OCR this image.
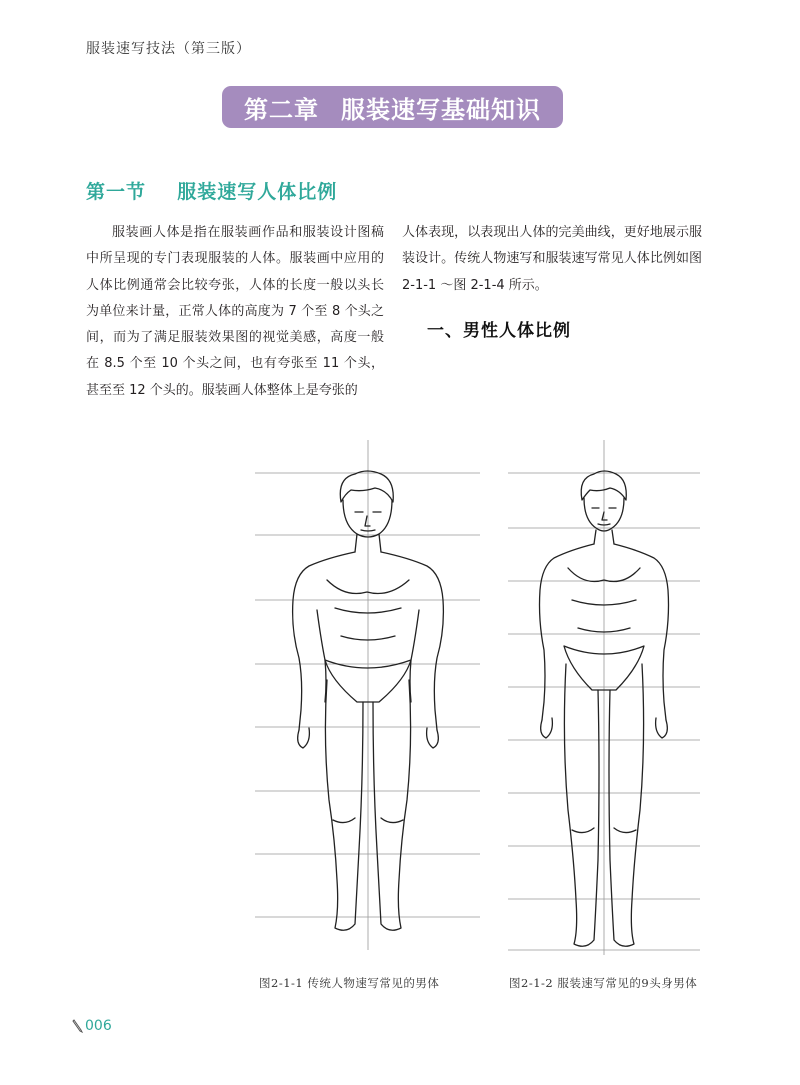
服装速写技法（第三版）
第二章 服装速写基础知识
第一节 服装速写人体比例

服装画人体是指在服装画作品和服装设计图稿中所呈现的专门表现服装的人体。服装画中应用的人体比例通常会比较夸张，人体的长度一般以头长为单位来计量，正常人体的高度为 7 个至 8 个头之间，而为了满足服装效果图的视觉美感，高度一般在 8.5 个至 10 个头之间，也有夸张至 11 个头，甚至至 12 个头的。服装画人体整体上是夸张的

人体表现，以表现出人体的完美曲线，更好地展示服装设计。传统人物速写和服装速写常见人体比例如图 2-1-1 ～图 2-1-4 所示。

一、男性人体比例
图2-1-1 传统人物速写常见的男体	图2-1-2 服装速写常见的9头身男体
006
